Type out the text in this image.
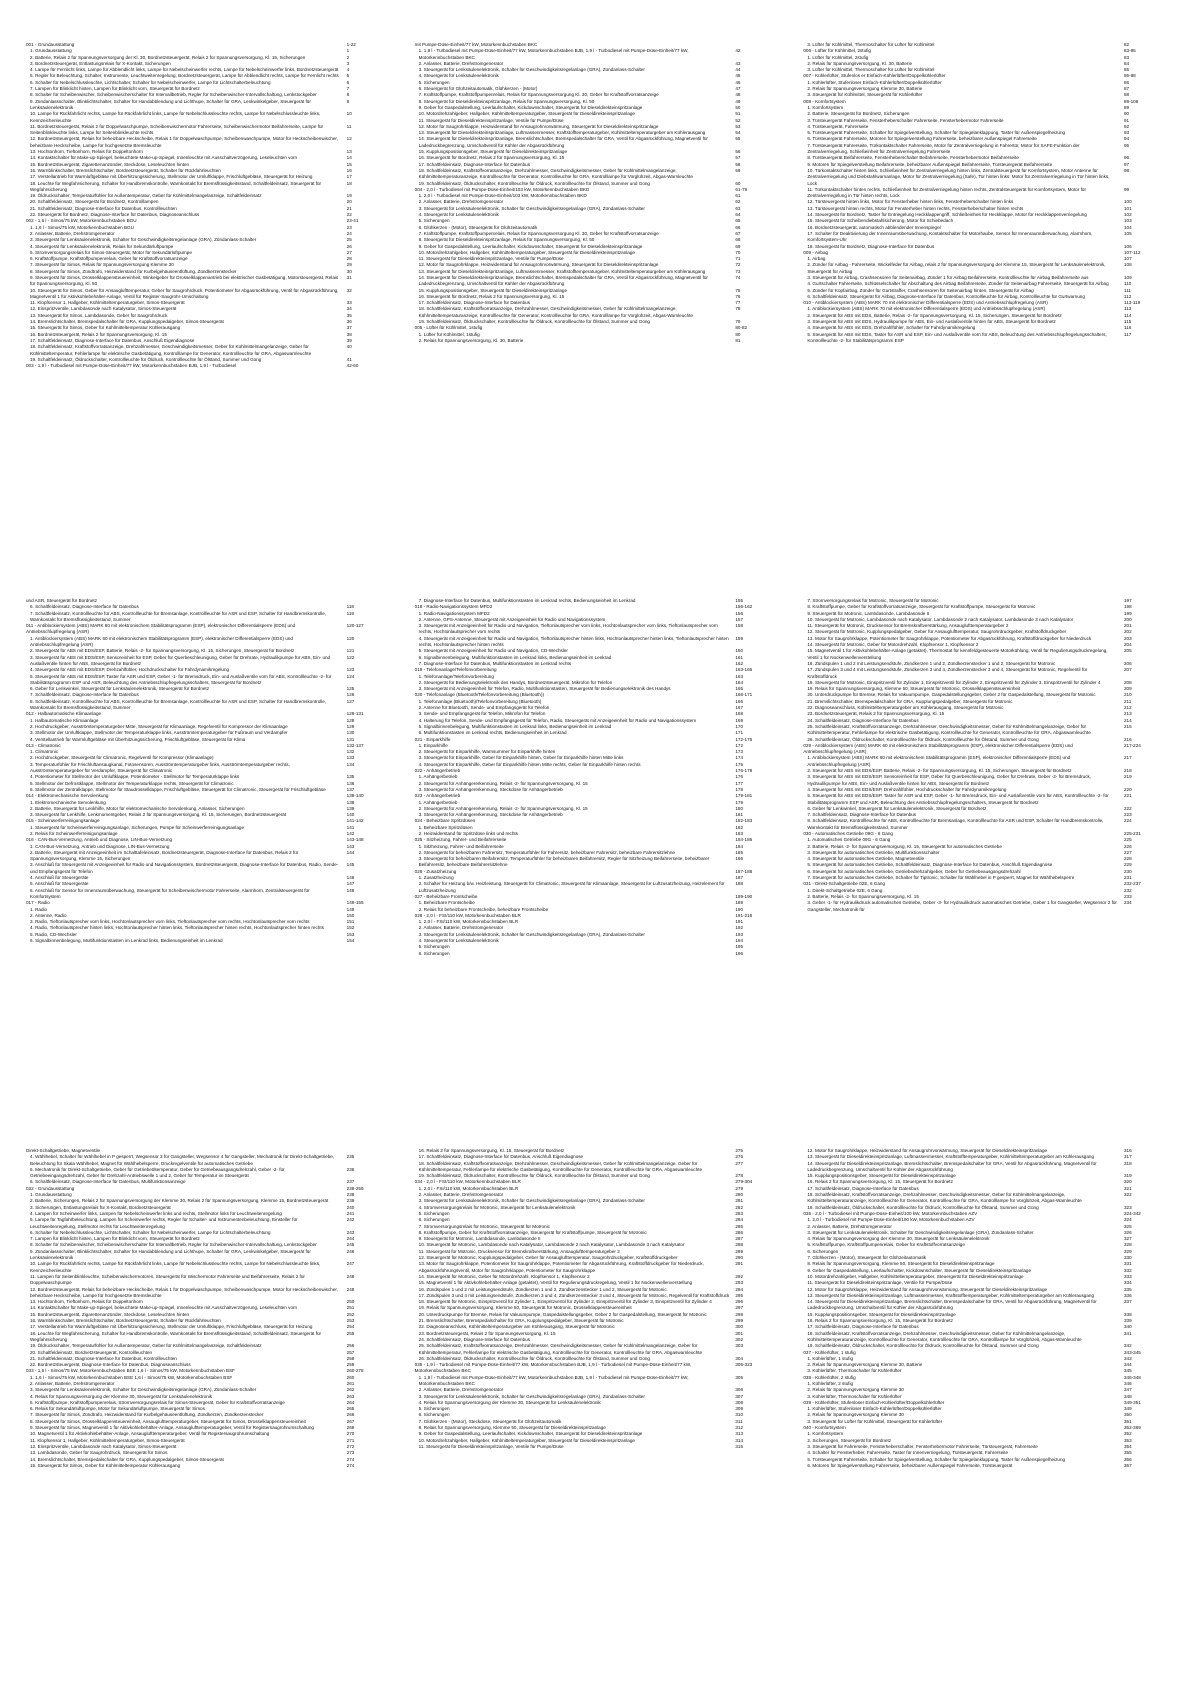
001 - Grundausstattung	1-22
1. Grundausstattung	1
2. Batterie, Relais 2 für Spannungsversorgung der Kl. 30, Bordnetzsteuergerät, Relais 2 für Spannungsversorgung, Kl. 15, Sicherungen	2
3. Bordnetzsteuergerät, Entlastungsrelais für X-Kontakt, Sicherungen	3
4. Lampe für Fernlicht links, Lampe für Abblendlicht links, Lampe für Nebelscheinwerfer rechts, Lampe für Nebelscheinwerfer links, Bordnetzsteuergerät	4
5. Regler für Beleuchtung, Schalter, Instrumente, Leuchtweitenregelung, Bordnetzsteuergerät, Lampe für Abblendlicht rechts, Lampe für Fernlicht rechts	5
6. Schalter für Nebelschlussleuchte, Lichtschalter, Schalter für Nebelscheinwerfer, Lampe für Lichtschalterbeleuchtung	6
7. Lampen für Blinklicht hinten, Lampen für Blinklicht vorn, Steuergerät für Bordnetz	7
8. Schalter für Scheibenwischer, Scheibenwischerschalter für Intervallbetrieb, Regler für Scheibenwischer-Intervallschaltung, Lenkstockgeber	8
9. Zündanlassschalter, Blinklichtschalter, Schalter für Handabblendung und Lichthupe, Schalter für GRA, Lenkwinkelgeber, Steuergerät für Lenksäulenelektronik
9
10. Lampe für Rückfahrlicht rechts, Lampe für Rückfahrlicht links, Lampe für Nebelschlussleuchte rechts, Lampe für Nebelschlussleuchte links, Kennzeichenleuchte
10
11. Bordnetzsteuergerät, Relais 2 für Doppelwaschpumpe, Scheibenwischermotor Fahrerseite, Scheibenwischermotor Beifahrerseite, Lampe für Seitenblinkleuchte links, Lampe für Seitenblinkleuchte rechts
11
12. Bordnetzsteuergerät, Relais für beheizbare Heckscheibe, Relais 1 für Doppelwaschpumpe, Scheibenwaschpumpe, Motor für Heckscheibenwischer, beheizbare Heckscheibe, Lampe für hochgesetzte Bremsleuchte
12
13. Hochtonhorn, Tieftonhorn, Relais für Doppeltonhorn	13
14. Kontaktschalter für Make-up-Spiegel, beleuchtete Make-up-Spiegel, Innenleuchte mit Ausschaltverzögerung, Leseleuchten vorn	14
15. Bordnetzsteuergerät, Zigarettenanzünder, Steckdose, Leseleuchten hinten	15
16. Warnblinkschalter, Bremslichtschalter, Bordnetzsteuergerät, Schalter für Rückfahrleuchten	16
17. Verstellantrieb für Warmluftgebläse mit Überhitzungssicherung, Stellmotor der Umluftklappe, Frischluftgebläse, Steuergerät für Heizung	17
18. Leuchte für Wegfahrsicherung, Schalter für Handbremskontrolle, Warnkontakt für Bremsflüssigkeitsstand, Schaltfeldeinsatz, Steuergerät für Wegfahrsicherung
18
19. Öldruckschalter, Temperaturfühler für Außentemperatur, Geber für Kühlmittelmangelanzeige, Schaltfeldeinsatz	19
20. Schaltfeldeinsatz, Steuergerät für Bordnetz, Kontrolllampen	20
21. Schaltfeldeinsatz, Diagnose-Interface für Datenbus, Kontrollleuchten	21
22. Steuergerät für Bordnetz, Diagnose-Interface für Datenbus, Diagnoseanschluss	22
002 - 1,6 l - Simos/75 kW, Motorkennbuchstaben BGU	23-41
1. 1,6 l - Simos/75 kW, Motorkennbuchstaben BGU	23
2. Anlasser, Batterie, Drehstromgenerator	24
3. Steuergerät für Lenksäulenelektronik, Schalter für Geschwindigkeitsregelanlage (GRA), Zündanlass-Schalter	25
4. Steuergerät für Lenksäulenelektronik, Relais für Sekundärluftpumpe	26
5. Stromversorgungsrelais für Simos-Steuergerät, Motor für Sekundärluftpumpe	27
6. Kraftstoffpumpe, Kraftstoffpumpenrelais, Geber für Kraftstoffvorratsanzeige	28
7. Steuergerät für Simos, Relais für Spannungsversorgung Klemme 30	29
8. Steuergerät für Simos, Zündtrafo, Heizwiderstand für Kurbelgehäuseentlüftung, Zündkerzenstecker	30
9. Steuergerät für Simos, Drosselklappensteuereinheit, Winkelgeber für Drosselklappenantrieb bei elektrischer Gasbetätigung, Motorsteuergerät, Relais für Spannungsversorgung, Kl. 50
31
10. Steuergerät für Simos, Geber für Ansauglufttemperatur, Geber für Saugrohrdruck, Potentiometer für Abgasrückführung, Ventil für Abgasrückführung, Magnetventil 1 für Aktivkohlebehälter-Anlage, Ventil für Register-Saugrohr-Umschaltung
32
11. Klopfsensor 1, Hallgeber, Kühlmitteltemperaturgeber, Simos-Steuergerät	33
12. Einspritzventile, Lambdasonde nach Katalysator, Simos-Steuergerät	34
13. Steuergerät für Simos, Lambdasonde, Geber für Saugrohrdruck	35
14. Bremslichtschalter, Bremspedalschalter für GRA, Kupplungspedalgeber, Simos-Steuergerät	36
15. Steuergerät für Simos, Geber für Kühlmitteltemperatur Kühlerausgang	37
16. Bordnetzsteuergerät, Relais 2 für Spannungsversorgung, Kl. 15	38
17. Schaltfeldeinsatz, Diagnose-Interface für Datenbus, Anschluß Eigendiagnose	39
18. Schaltfeldeinsatz, Kraftstoffvorratsanzeige, Drehzahlmesser, Geschwindigkeitsmesser, Geber für Kühlmittelmangelanzeige, Geber für Kühlmitteltemperatur, Fehlerlampe für elektrische Gasbetätigung, Kontrolllampe für Generator, Kontrollleuchte für GRA, Abgaswarnleuchte
40
19. Schaltfeldeinsatz, Öldruckschalter, Kontrollleuchte für Öldruck, Kontrollleuchte für Ölstand, Summer und Gong	41
003 - 1,9 l - Turbodiesel mit Pumpe-Düse-Einheit/77 kW, Motorkennbuchstaben BJB, 1,9 l - Turbodiesel	42-60
mit Pumpe-Düse-Einheit/77 kW, Motorkennbuchstaben BKC
1. 1,9 l - Turbodiesel mit Pumpe-Düse-Einheit/77 kW, Motorkennbuchstaben BJB, 1,9 l - Turbodiesel mit Pumpe-Düse-Einheit/77 kW, Motorkennbuchstaben BKC
42
2. Anlasser, Batterie, Drehstromgenerator	43
3. Steuergerät für Lenksäulenelektronik, Schalter für Geschwindigkeitsregelanlage (GRA), Zündanlass-Schalter	44
4. Steuergerät für Lenksäulenelektronik	45
5. Sicherungen	46
6. Steuergerät für Glühzeitautomatik, Glühkerzen - (Motor)	47
7. Kraftstoffpumpe, Kraftstoffpumpenrelais, Relais für Spannungsversorgung Kl. 30, Geber für Kraftstoffvorratsanzeige	48
8. Steuergerät für Dieseldirekteinspritzanlage, Relais für Spannungsversorgung, Kl. 50	49
9. Geber für Gaspedalstellung, Leerlaufschalter, Kickdownschalter, Steuergerät für Dieseldirekteinspritzanlage	50
10. Motordrehzahlgeber, Hallgeber, Kühlmitteltemperaturgeber, Steuergerät für Dieseldirekteinspritzanlage	51
11. Steuergerät für Dieseldirekteinspritzanlage, Ventile für Pumpe/Düse	52
12. Motor für Saugrohrklappe, Heizwiderstand für Ansaugrohrvorwärmung, Steuergerät für Dieseldirekteinspritzanlage	53
13. Steuergerät für Dieseldirekteinspritzanlage, Luftmassenmesser, Kraftstofftemperaturgeber, Kühlmitteltemperaturgeber am Kühlerausgang	54
14. Steuergerät für Dieseldirekteinspritzanlage, Bremslichtschalter, Bremspedalschalter für GRA, Ventil für Abgasrückführung, Magnetventil für Ladedruckbegrenzung, Umschaltventil für Kühler der Abgasrückführung
55
15. Kupplungspositionsgeber, Steuergerät für Dieseldirekteinspritzanlage	56
16. Steuergerät für Bordnetz, Relais 2 für Spannungsversorgung, Kl. 15	57
17. Schaltfeldeinsatz, Diagnose-Interface für Datenbus	58
18. Schaltfeldeinsatz, Kraftstoffvorratsanzeige, Drehzahlmesser, Geschwindigkeitsmesser, Geber für Kühlmittelmangelanzeige, Kühlmitteltemperaturanzeige, Kontrollleuchte für Generator, Kontrollleuchte für GRA, Kontrolllampe für Vorglühzeit, Abgas-Warnleuchte
59
19. Schaltfeldeinsatz, Öldruckschalter, Kontrollleuchte für Öldruck, Kontrollleuchte für Ölstand, Summer und Gong	60
004 - 2,0 l - Turbodiesel mit Pumpe-Düse-Einheit/103 kW, Motorkennbuchstaben BKD	61-79
1. 2,0 l - Turbodiesel mit Pumpe-Düse-Einheit/103 kW, Motorkennbuchstaben BKD	61
2. Anlasser, Batterie, Drehstromgenerator	62
3. Steuergerät für Lenksäulenelektronik, Schalter für Geschwindigkeitsregelanlage (GRA), Zündanlass-Schalter	63
4. Steuergerät für Lenksäulenelektronik	64
5. Sicherungen	65
6. Glühkerzen - (Motor), Steuergerät für Glühzeitautomatik	66
7. Kraftstoffpumpe, Kraftstoffpumpenrelais, Relais für Spannungsversorgung Kl. 30, Geber für Kraftstoffvorratsanzeige	67
8. Steuergerät für Dieseldirekteinspritzanlage, Relais für Spannungsversorgung, Kl. 50	68
9. Geber für Gaspedalstellung, Leerlaufschalter, Kickdownschalter, Steuergerät für Dieseldirekteinspritzanlage	69
10. Motordrehzahlgeber, Hallgeber, Kühlmitteltemperaturgeber, Steuergerät für Dieseldirekteinspritzanlage	70
11. Steuergerät für Dieseldirekteinspritzanlage, Ventile für Pumpe/Düse	71
12. Motor für Saugrohrklappe, Heizwiderstand für Ansaugrohrvorwärmung, Steuergerät für Dieseldirekteinspritzanlage	72
13. Steuergerät für Dieseldirekteinspritzanlage, Luftmassenmesser, Kraftstofftemperaturgeber, Kühlmitteltemperaturgeber am Kühlerausgang	73
14. Steuergerät für Dieseldirekteinspritzanlage, Bremslichtschalter, Bremspedalschalter für GRA, Ventil für Abgasrückführung, Magnetventil für Ladedruckbegrenzung, Umschaltventil für Kühler der Abgasrückführung
74
15. Kupplungspositionsgeber, Steuergerät für Dieseldirekteinspritzanlage	75
16. Steuergerät für Bordnetz, Relais 2 für Spannungsversorgung, Kl. 15	76
17. Schaltfeldeinsatz, Diagnose-Interface für Datenbus	77
18. Schaltfeldeinsatz, Kraftstoffvorratsanzeige, Drehzahlmesser, Geschwindigkeitsmesser, Geber für Kühlmittelmangelanzeige, Kühlmitteltemperaturanzeige, Kontrollleuchte für Generator, Kontrollleuchte für GRA, Kontrolllampe für Vorglühzeit, Abgas-Warnleuchte
78
19. Schaltfeldeinsatz, Öldruckschalter, Kontrollleuchte für Öldruck, Kontrollleuchte für Ölstand, Summer und Gong	79
005 - Lüfter für Kühlmittel, 1stufig	80-82
1. Lüfter für Kühlmittel, 1stufig	80
2. Relais für Spannungsversorgung, Kl. 30, Batterie	81
3. Lüfter für Kühlmittel, Thermoschalter für Lüfter für Kühlmittel	82
006 - Lüfter für Kühlmittel, 2stufig	83-85
1. Lüfter für Kühlmittel, 2stufig	83
2. Relais für Spannungsversorgung, Kl. 30, Batterie	84
3. Lüfter für Kühlmittel, Thermoschalter für Lüfter für Kühlmittel	85
007 - Kühlerlüfter, Stufenlos er Einfach-Kühlerlüfter/Doppelkühlerlüfter	86-88
1. Kühlerlüfter, Stufenloser Einfach-Kühlerlüfter/Doppelkühlerlüfter	86
2. Relais für Spannungsversorgung Klemme 30, Batterie	87
3. Steuergerät für Kühlmittel, Steuergerät für Kühlerlüfter	88
008 - Komfortsystem	89-106
1. Komfortsystem	89
2. Batterie, Steuergerät für Bordnetz, Sicherungen	90
3. Türsteuergerät Fahrerseite, Fensterheberschalter Fahrerseite, Fensterhebermotor Fahrerseite	91
4. Türsteuergerät, Fahrerseite	92
5. Türsteuergerät Fahrerseite, Schalter für Spiegelverstellung, Schalter für Spiegelanklappung, Taster für Außenspiegelheizung	93
6. Türsteuergerät Fahrerseite, Motoren für Spiegelverstellung Fahrerseite, beheizbarer Außenspiegel Fahrerseite	94
7. Türsteuergerät Fahrerseite, Türkontaktschalter Fahrerseite, Motor für Zentralverriegelung in Fahrertür, Motor für SAFE-Funktion der Zentralverriegelung, Schließeinheit für Zentralverriegelung Fahrerseite
95
8. Türsteuergerät Beifahrerseite, Fensterheberschalter Beifahrerseite, Fensterhebermotor Beifahrerseite	96
9. Motoren für Spiegelverstellung Beifahrerseite, beheizbarer Außenspiegel Beifahrerseite, Türsteuergerät Beifahrerseite	97
10. Türkontaktschalter hinten links, Schließeinheit für Zentralverriegelung hinten links, Zentralsteuergerät für Komfortsystem, Motor Antenne für Zentralverriegelung und Diebstahlwarnanlage, Motor für Zentralverriegelung (Safe), Tür hinten links: Motor für Zentralverriegelung in Tür hinten links, Lock
98
11. Türkontaktschalter hinten rechts, Schließeinheit für Zentralverriegelung hinten rechts, Zentralsteuergerät für Komfortsystem, Motor für Zentralverriegelung in Tür hinten rechts, Lock
99
12. Türsteuergerät hinten links, Motor für Fensterheber hinten links, Fensterheberschalter hinten links	100
13. Türsteuergerät hinten rechts, Motor für Fensterheber hinten rechts, Fensterheberschalter hinten rechts	101
14. Steuergerät für Bordnetz, Taster für Entriegelung Heckklappengriff, Schließeinheit für Heckklappe, Motor für Heckklappenverriegelung	102
15. Steuergerät für Scheibendiebstahlsicherung, Motor für Schiebedach	103
16. Bordnetzsteuergerät, automatisch abblendender Innenspiegel	104
17. Schalter für Deaktivierung der Innenraumüberwachung, Kontaktschalter für Motorhaube, Sensor für Innenraumüberwachung, Alarmhorn, Komfortsystem-Uhr
105
18. Steuergerät für Bordnetz, Diagnose-Interface für Datenbus	106
009 - Airbag	107-112
1. Airbag	107
2. Zünder für Airbag - Fahrerseite, Wickelfeder für Airbag, relais 2 für Spannungsversorgung der Klemme 15, Steuergerät für Lenksäulenelektronik, Steuergerät für Airbag
108
3. Steuergerät für Airbag, Crashsensoren für Seitenairbag, Zünder 1 für Airbag Beifahrerseite, Kontrollleuchte für Airbag Beifahrerseite aus	109
4. Gurtschalter Fahrerseite, Schlüsselschalter für Abschaltung des Airbag Beifahrerseite, Zünder für Seitenairbag Fahrerseite, Steuergerät für Airbag	110
5. Zünder für Kopfairbag, Zünder für Gurtstraffer, Crashsensoren für Seitenairbag hinten, Steuergerät für Airbag	111
6. Schaltfeldeinsatz, Steuergerät für Airbag, Diagnose-Interface für Datenbus, Kontrollleuchte für Airbag, Kontrollleuchte für Gurtwarnung	112
010 - Antiblockiersystem (ABS) MARK 70 mit elektronischer Differentialsperre (EDS) und Antriebsschlupfregelung (ASR)	113-119
1. Antiblockiersystem (ABS) MARK 70 mit elektronischer Differentialsperre (EDS) und Antriebsschlupfregelung (ASR)	113
2. Steuergerät für ABS mit EDS, Batterie, Relais -2- für Spannungsversorgung, Kl. 15, Sicherungen, Steuergerät für Bordnetz	114
3. Steuergerät für ABS mit EDS, Hydraulikpumpe für ABS, Ein- und Auslaßventile hinten für ABS, Steuergerät für Bordnetz	115
4. Steuergerät für ABS mit EDS, Drehzahlfühler, Schalter für Fahrdynamikregelung	116
5. Steuergerät für ABS mit EDS, Taster für ASR und ESP, Ein- und Auslaßventile vorn für ABS, Beleuchtung des Antriebsschlupfregelungsschalters, Kontrollleuchte -2- für Stabilitätsprogramm ESP
117
und ASR, Steuergerät für Bordnetz
6. Schaltfeldeinsatz, Diagnose-Interface für Datenbus	118
7. Schaltfeldeinsatz, Kontrollleuchte für ABS, Kontrollleuchte für Bremsanlage, Kontrollleuchte für ASR und ESP, Schalter für Handbremskontrolle, Warnkontakt für Bremsflüssigkeitsstand, Summer
119
011 - Antiblockiersystem (ABS) MARK 60 mit elektronischem Stabilitätsprogramm (ESP), elektronischer Differentialsperre (EDS) und Antriebsschlupfregelung (ASR)
120-127
1. Antiblockiersystem (ABS) MARK 60 mit elektronischem Stabilitätsprogramm (ESP), elektronischer Differentialsperre (EDS) und Antriebsschlupfregelung (ASR)
120
2. Steuergerät für ABS mit EDS/ESP, Batterie, Relais -2- für Spannungsversorgung, Kl. 15, Sicherungen, Steuergerät für Bordnetz	121
3. Steuergerät für ABS mit EDS/ESP, Sensoreinheit für ESP, Geber für Querbeschleunigung, Geber für Drehrate, Hydraulikpumpe für ABS, Ein- und Auslaßventile hinten für ABS, Steuergerät für Bordnetz
122
4. Steuergerät für ABS mit EDS/ESP, Drehzahlfühler, Hochdruckschalter für Fahrdynamikregelung	123
5. Steuergerät für ABS mit EDS/ESP, Taster für ASR und ESP, Geber -1- für Bremsdruck, Ein- und Auslaßventile vorn für ABS, Kontrollleuchte -2- für Stabilitätsprogramm ESP und ASR, Beleuchtung des Antriebsschlupfregelungsschalters, Steuergerät für Bordnetz
124
6. Geber für Lenkwinkel, Steuergerät für Lenksäulenelektronik, Steuergerät für Bordnetz	125
7. Schaltfeldeinsatz, Diagnose-Interface für Datenbus	126
8. Schaltfeldeinsatz, Kontrollleuchte für ABS, Kontrollleuchte für Bremsanlage, Kontrollleuchte für ASR und ESP, Schalter für Handbremskontrolle, Warnkontakt für Bremsflüssigkeitsstand, Summer
127
012 - Halbautomatische Klimaanlage	128-131
1. Halbautomatische Klimaanlage	128
2. Hochdruckgeber, Ausströmtemperaturgeber Mitte, Steuergerät für Klimaanlage, Regelventil für Kompressor der Klimaanlage	129
3. Stellmotor der Umluftklappe, Stellmotor der Temperaturklappe links, Ausströmtemperaturgeber für Fußraum und Verdampfer	130
4. Verstellantrieb für Warmluftgebläse mit Überhitzungssicherung, Frischluftgebläse, Steuergerät für Klima	131
013 - Climatronic	132-137
1. Climatronic	132
2. Hochdruckgeber, Steuergerät für Climatronic, Regelventil für Kompressor (Klimaanlage)	133
3. Temperaturfühler für Frischluftansaugkanal, Fotosensoren, Ausströmtemperaturgeber links, Ausströmtemperaturgeber rechts, Ausströmtemperaturgeber für Verdampfer, Steuergerät für Climatronic
134
4. Potentiometer für Stellmotor der Umluftklappe, Potentiometer - Stellmotor für Temperaturklappe links	135
5. Stellmotor der Defrostklappe, Stellmotor der Temperaturklappe rechts, Steuergerät für Climatronic	136
6. Stellmotor der Zentralklappe, Stellmotor für Staudrosselklappe, Frischluftgebläse, Steuergerät für Climatronic, Steuergerät für Frischluftgebläse	137
014 - Elektromechanische Servolenkung	138-140
1. Elektromechanische Servolenkung	138
2. Batterie, Steuergerät für Lenkhilfe, Motor für elektromechanische Servolenkung, Anlasser, Sicherungen	139
3. Steuergerät für Lenkhilfe, Lenkmomentgeber, Relais 2 für Spannungsversorgung, Kl. 15, Sicherungen, Bordnetzsteuergerät	140
015 - Scheinwerferreinigungsanlage	141-142
1. Steuergerät für Scheinwerferreinigungsanlage, Sicherungen, Pumpe für Scheinwerferreinigungsanlage	141
2. Relais für Scheinwerferreinigungsanlage	142
016 - CAN-Bus-Vernetzung, Antrieb und Diagnose, LIN-Bus-Vernetzung	143-148
1. CAN-Bus-Vernetzung, Antrieb und Diagnose, LIN-Bus-Vernetzung	143
2. Batterie, Steuergerät mit Anzeigeeinheit im Schalttafeleinsatz, Bordnetzsteuergerät, Diagnose-Interface für Datenbus, Relais 2 für Spannungsversorgung, Klemme 15, Sicherungen
144
3. Anschluß für Steuergerät mit Anzeigeeinheit für Radio und Navigationssystem, Bordnetzsteuergerät, Diagnose-Interface für Datenbus, Radio, Sende- und Empfangsgerät für Telefon
145
4. Anschluß für Steuergeräte	146
5. Anschluß für Steuergeräte	147
6. Anschluß für Sensor für Innenraumüberwachung, Steuergerät für Scheibenwischermotor Fahrerseite, Alarmhorn, Zentralsteuergerät für Komfortsystem
148
017 - Radio	149-155
1. Radio	149
2. Antenne, Radio	150
3. Radio, Tieftonlautsprecher vorn links, Hochtonlautsprecher vorn links, Tieftonlautsprecher vorn rechts, Hochtonlautsprecher vorn rechts	151
4. Radio, Tieftonlautsprecher hinten links, Hochtonlautsprecher hinten links, Tieftonlautsprecher hinten rechts, Hochtonlautsprecher hinten rechts	152
5. Radio, CD-Wechsler	153
6. Signalbinnenbelegung, Multifunktionstasten im Lenkrad links, Bedienungseinheit im Lenkrad	154
7. Diagnose-Interface für Datenbus, Multifunktionstasten im Lenkrad rechts, Bedienungseinheit im Lenkrad	155
018 - Radio-Navigationssystem MFD2	156-162
1. Radio-Navigationssystem MFD2	156
2. Antenne, GPS-Antenne, Steuergerät mit Anzeigeeinheit für Radio und Navigationssystem	157
3. Steuergerät mit Anzeigeeinheit für Radio und Navigation, Tieftonlautsprecher vorn links, Hochtonlautsprecher vorn links, Tieftonlautsprecher vorn rechts, Hochtonlautsprecher vorn rechts
158
4. Steuergerät mit Anzeigeeinheit für Radio und Navigation, Tieftonlautsprecher hinten links, Hochtonlautsprecher hinten links, Tieftonlautsprecher hinten rechts, Hochtonlautsprecher hinten rechts
159
5. Steuergerät mit Anzeigeeinheit für Radio und Navigation, CD-Wechsler	160
6. Signalbinnenbelegung, Multifunktionstasten im Lenkrad links, Bedienungseinheit im Lenkrad	161
7. Diagnose-Interface für Datenbus, Multifunktionstasten im Lenkrad rechts	162
019 - Telefonanlage/Telefonvorbereitung	163-165
1. Telefonanlage/Telefonvorbereitung	163
2. Steuergerät für Bedienungselektronik des Handys, Bordnetzsteuergerät, Mikrofon für Telefon	164
3. Steuergerät mit Anzeigeeinheit für Telefon, Radio, Multifunktionstasten, Steuergerät für Bedienungselektronik des Handys	165
020 - Telefonanlage (Bluetooth/Telefonvorbereitung (Bluetooth))	166-171
1. Telefonanlage (Bluetooth)/Telefonvorbereitung (Bluetooth)	166
2. Antenne für Bluetooth, Sende- und Empfangsgerät für Telefon	167
3. Sende- und Empfangsgerät für Telefon, Mikrofon für Telefon	168
4. Halterung für Telefon, Sende- und Empfangsgerät für Telefon, Radio, Steuergerät mit Anzeigeeinheit für Radio und Navigationssystem	169
5. Signalbinnenbelegung, Multifunktionstasten im Lenkrad links, Bedienungseinheit im Lenkrad	170
6. Multifunktionstasten im Lenkrad rechts, Bedienungseinheit im Lenkrad	171
021 - Einparkhilfe	172-175
1. Einparkhilfe	172
2. Steuergerät für Einparkhilfe, Warnsummer für Einparkhilfe hinten	173
3. Steuergerät für Einparkhilfe, Geber für Einparkhilfe hinten, Geber für Einparkhilfe hinten Mitte links	174
4. Steuergerät für Einparkhilfe, Geber für Einparkhilfe hinten Mitte rechts, Geber für Einparkhilfe hinten rechts	175
022 - Anhängerbetrieb	176-178
1. Anhängerbetrieb	176
2. Steuergerät für Anhängererkennung, Relais -2- für Spannungsversorgung, Kl. 15	177
3. Steuergerät für Anhängererkennung, Steckdose für Anhängerbetrieb	178
023 - Anhängerbetrieb	179-181
1. Anhängerbetrieb	179
2. Steuergerät für Anhängererkennung, Relais -2- für Spannungsversorgung, Kl. 15	180
3. Steuergerät für Anhängererkennung, Steckdose für Anhängerbetrieb	181
024 - Beheizbare Spritzdüsen	182-183
1. Beheizbare Spritzdüsen	182
2. Heizwiderstand für Spritzdüse links und rechts	183
025 - Sitzheizung, Fahrer- und Beifahrerseite	184-186
1. Sitzheizung, Fahrer- und Beifahrerseite	184
2. Steuergerät für beheizbaren Fahrersitz, Temperaturfühler für Fahrersitz, beheizbarer Fahrersitz, beheizbare Fahrersitzlehne	185
3. Steuergerät für beheizbaren Beifahrersitz, Temperaturfühler für beheizbaren Beifahrersitz, Regler für Sitzheizung Beifahrerseite, beheizbarer Beifahrersitz, beheizbare Beifahrersitzlehne
186
026 - Zusatzheizung	187-188
1. Zusatzheizung	187
2. Schalter für Heizung b/w. Heizleistung, Steuergerät für Climatronic, Steuergerät für Klimaanlage, Steuergerät für Luftzusatzheizung, Heizelement für Luftzusatzheizung
188
027 - Beheizbare Frontscheibe	189-190
1. Beheizbare Frontscheibe	189
2. Relais für beheizbare Frontscheibe, beheizbare Frontscheibe	190
028 - 2,0 l - FSI/110 kW, Motorkennbuchstaben BLR	191-216
1. 2,0 l - FSI/110 kW, Motorkennbuchstaben BLR	191
2. Anlasser, Batterie, Drehstromgenerator	192
3. Steuergerät für Lenksäulenelektronik, Schalter für Geschwindigkeitsregelanlage (GRA), Zündanlass-Schalter	193
4. Steuergerät für Lenksäulenelektronik	194
5. Sicherungen	195
6. Sicherungen	196
7. Stromversorgungsrelais für Motronic, Steuergerät für Motronic	197
8. Kraftstoffpumpe, Geber für Kraftstoffvorratsanzeige, Steuergerät für Kraftstoffpumpe, Steuergerät für Motronic	198
9. Steuergerät für Motronic, Lambdasonde, Lambdasonde II	199
10. Steuergerät für Motronic, Lambdasonde nach Katalysator, Lambdasonde 2 nach Katalysator, Lambdasonde 3 nach Katalysator	200
11. Steuergerät für Motronic, Drucksensor für Bremskraftverstärkung, Ansauglufttemperaturgeber 2	201
12. Steuergerät für Motronic, Kupplungspedalgeber, Geber für Ansauglufttemperatur, Saugrohrdruckgeber, Kraftstoffdruckgeber	202
13. Motor für Saugrohrklappe, Potentiometer für Saugrohrklappe, Potentiometer für Abgasrückführung, Kraftstoffdruckgeber für Niederdruck	203
14. Steuergerät für Motronic, Geber für Motordrehzahl, Klopfsensor 1, Klopfsensor 2	204
15. Magnetventil 1 für Aktivkohlebehälter-Anlage (getaktet), Thermostat für kennfeldgesteuerte Motorkühlung, Ventil für Regulierungsdruckregelung, Ventil 1 für Nockenwellenverstellung
205
16. Zündspulen 1 und 2 mit Leistungsendstufe, Zündkerzen 1 und 2, Zündkerzenstecker 1 und 2, Steuergerät für Motronic	206
17. Zündspulen 3 und 4 mit Leistungsendstufe, Zündkerzen 3 und 4, Zündkerzenstecker 3 und 4, Steuergerät für Motronic, Regelventil für Kraftstoffdruck
207
18. Steuergerät für Motronic, Einspritzventil für Zylinder 1, Einspritzventil für Zylinder 2, Einspritzventil für Zylinder 3, Einspritzventil für Zylinder 4	208
19. Relais für Spannungsversorgung, Klemme 50, Steuergerät für Motronic, Drosselklappensteuereinheit	209
20. Unterdruckpumpe für Bremse, Relais für Vakuumpumpe, Gaspedalstellungsgeber, Geber 2 für Gaspedalstellung, Steuergerät für Motronic	210
21. Bremslichtschalter, Bremspedalschalter für GRA, Kupplungspedalgeber, Steuergerät für Motronic	211
22. Diagnoseanschluss, Kühlmitteltemperaturgeber am Kühlerausgang, Steuergerät für Motronic	212
23. Bordnetzsteuergerät, Relais 2 für Spannungsversorgung, Kl. 15	213
24. Schaltfeldeinsatz, Diagnose-Interface für Datenbus	214
25. Schaltfeldeinsatz, Kraftstoffvorratsanzeige, Drehzahlmesser, Geschwindigkeitsmesser, Geber für Kühlmittelmangelanzeige, Geber für Kühlmitteltemperatur, Fehlerlampe für elektrische Gasbetätigung, Kontrollleuchte für Generator, Kontrollleuchte für GRA, Abgaswarnleuchte
215
26. Schaltfeldeinsatz, Öldruckschalter, Kontrollleuchte für Öldruck, Kontrollleuchte für Ölstand, Summer und Gong	216
029 - Antiblockiersystem (ABS) MARK 60 mit elektronischem Stabilitätsprogramm (ESP), elektronischer Differentialsperre (EDS) und Antriebsschlupfregelung (ASR)
217-224
1. Antiblockiersystem (ABS) MARK 60 mit elektronischem Stabilitätsprogramm (ESP), elektronischer Differentialsperre (EDS) und Antriebsschlupfregelung (ASR)
217
2. Steuergerät für ABS mit EDS/ESP, Batterie, Relais -2- für Spannungsversorgung, Kl. 15, Sicherungen, Steuergerät für Bordnetz	218
3. Steuergerät für ABS mit EDS/ESP, Sensoreinheit für ESP, Geber für Querbeschleunigung, Geber für Drehrate, Geber -2- für Bremsdruck, Hydraulikpumpe für ABS, Ein- und Auslaßventile hinten für ABS, Steuergerät für Bordnetz
219
4. Steuergerät für ABS mit EDS/ESP, Drehzahlfühler, Hochdruckschalter für Fahrdynamikregelung	220
5. Steuergerät für ABS mit EDS/ESP, Taster für ASR und ESP, Geber -1- für Bremsdruck, Ein- und Auslaßventile vorn für ABS, Kontrollleuchte -2- für Stabilitätsprogramm ESP und ASR, Beleuchtung des Antriebsschlupfregelungsschalters, Steuergerät für Bordnetz
221
6. Geber für Lenkwinkel, Steuergerät für Lenksäulenelektronik, Steuergerät für Bordnetz	222
7. Schaltfeldeinsatz, Diagnose-Interface für Datenbus	223
8. Schaltfeldeinsatz, Kontrollleuchte für ABS, Kontrollleuchte für Bremsanlage, Kontrollleuchte für ASR und ESP, Schalter für Handbremskontrolle, Warnkontakt für Bremsflüssigkeitsstand, Summer
224
030 - Automatisches Getriebe 09G - 6 Gang	225-231
1. Automatisches Getriebe 09G - 6 Gang	225
2. Batterie, Relais -2- für Spannungsversorgung, Kl. 15, Steuergerät für automatisches Getriebe	226
3. Steuergerät für automatisches Getriebe, Multifunktionsschalter	227
4. Steuergerät für automatisches Getriebe, Magnetventile	228
5. Steuergerät für automatisches Getriebe, Schaltfeldeinsatz, Diagnose-Interface für Datenbus, Anschluß Eigendiagnose	229
6. Steuergerät für automatisches Getriebe, Getriebedrehzahlgeber, Geber für Getriebeausgangsdrehzahl	230
7. Steuergerät für automatisches Getriebe, Schalter für Tiptronic, Schalter für Wählhebel in P gesperrt, Magnet für Wählhebelsperre	231
031 - Direkt-Schaltgetriebe 02E, 6 Gang	232-237
1. Direkt-Schaltgetriebe 02E, 6 Gang	232
2. Batterie, Relais -2- für Spannungsversorgung, Kl. 15	233
3. Geber -1- für Hydraulikdruck automatisches Getriebe, Geber -3- für Hydraulikdruck automatisches Getriebe, Geber 1 für Gangsteller, Wegsensor 2 für Gangsteller, Mechatronik für
234
Direkt-Schaltgetriebe, Magnetventile
4. Wählhebel, Schalter für Wählhebel in P gesperrt, Wegsensor 3 für Gangsteller, Wegsensor 4 für Gangsteller, Mechatronik für Direkt-Schaltgetriebe, Beleuchtung für Skala Wählhebel, Magnet für Wählhebelsperre, Druckregelventile für automatisches Getriebe
235
5. Mechatronik für Direkt-Schaltgetriebe, Geber für Getriebeöltemperatur, Geber für Getriebeausgangsdrehzahl, Geber -2- für Getriebeeingangsdrehzahl, Geber für Drehzahl-Antriebswelle 1 und 2, Geber für Temperatur im Steuergerät
236
6. Schaltfeldeinsatz, Diagnose-Interface für Datenbus, Multifunktionsanzeige	237
032 - Grundausstattung	238-259
1. Grundausstattung	238
2. Batterie, Sicherungen, Relais 2 für Spannungsversorgung der Klemme 30, Relais 2 für Spannungsversorgung, Klemme 15, Bordnetzsteuergerät	239
3. Sicherungen, Entlastungsrelais für X-Kontakt, Bordnetzsteuergerät	240
4. Lampen für Scheinwerfer links, Lampen für Nebelscheinwerfer links und rechts, Stellmotor links für Leuchtweitenregelung	241
5. Lampe für Tagfahrbeleuchtung, Lampen für Scheinwerfer rechts, Regler für Schalter- und Instrumentenbeleuchtung, Einsteller für Leuchtweitenregelung, Stellmotor rechts für Leuchtweitenregelung
242
6. Schalter für Nebelschlussleuchte, Lichtschalter, Schalter für Nebelscheinwerfer, Lampe für Lichtschalterbeleuchtung	243
7. Lampen für Blinklicht hinten, Lampen für Blinklicht vorn, Steuergerät für Bordnetz	244
8. Schalter für Scheibenwischer, Scheibenwischerschalter für Intervallbetrieb, Regler für Scheibenwischer-Intervallschaltung, Lenkstockgeber	245
9. Zündanlassschalter, Blinklichtschalter, Schalter für Handabblendung und Lichthupe, Schalter für GRA, Lenkwinkelgeber, Steuergerät für Lenksäulenelektronik
246
10. Lampe für Rückfahrlicht rechts, Lampe für Rückfahrlicht links, Lampe für Nebelschlussleuchte rechts, Lampe für Nebelschlussleuchte links, Kennzeichenleuchte
247
11. Lampen für Seitenblinkleuchte, Scheibenwischermotoren, Steuergerät für Wischermotor Fahrerseite und Beifahrerseite, Relais 2 für Doppelwaschpumpe
248
12. Bordnetzsteuergerät, Relais für beheizbare Heckscheibe, Relais 1 für Doppelwaschpumpe, Scheibenwaschpumpe, Motor für Heckscheibenwischer, beheizbare Heckscheibe, Lampe für hochgesetzte Bremsleuchte
249
13. Hochtonhorn, Tieftonhorn, Relais für Doppeltonhorn	250
14. Kontaktschalter für Make-up-Spiegel, beleuchtete Make-up-Spiegel, Innenleuchte mit Ausschaltverzögerung, Leseleuchten vorn	251
15. Bordnetzsteuergerät, Zigarettenanzünder, Steckdose, Leseleuchten hinten	252
16. Warnblinkschalter, Bremslichtschalter, Bordnetzsteuergerät, Schalter für Rückfahrleuchten	253
17. Verstellantrieb für Warmluftgebläse mit Überhitzungssicherung, Stellmotor der Umluftklappe, Frischluftgebläse, Steuergerät für Heizung	254
18. Leuchte für Wegfahrsicherung, Schalter für Handbremskontrolle, Warnkontakt für Bremsflüssigkeitsstand, Schaltfeldeinsatz, Steuergerät für Wegfahrsicherung
255
19. Öldruckschalter, Temperaturfühler für Außentemperatur, Geber für Kühlmittelmangelanzeige, Schaltfeldeinsatz	256
20. Schaltfeldeinsatz, Bordnetzsteuergerät, Kontrollleuchten	257
21. Schaltfeldeinsatz, Diagnose-Interface für Datenbus, Kontrollleuchten	258
22. Bordnetzsteuergerät, Diagnose-Interface für Datenbus, Diagnoseanschluss	259
033 - 1,6 l - Simos/75 kW, Motorkennbuchstaben BSE 1,6 l - Simos/75 kW, Motorkennbuchstaben BSF	260-278
1. 1,6 l - Simos/75 kW, Motorkennbuchstaben BSE 1,6 l - Simos/75 kW, Motorkennbuchstaben BSF	260
2. Anlasser, Batterie, Drehstromgenerator	261
3. Steuergerät für Lenksäulenelektronik, Schalter für Geschwindigkeitsregelanlage (GRA), Zündanlass-Schalter	262
4. Relais für Spannungsversorgung der Klemme 30, Steuergerät für Lenksäulenelektronik	263
5. Kraftstoffpumpe, Kraftstoffpumpenrelais, Stromversorgungsrelais für Simos-Steuergerät, Geber für Kraftstoffvorratsanzeige	264
6. Relais für Sekundärluftpumpe, Motor für Sekundärluftpumpe, Steuergerät für Simos	265
7. Steuergerät für Simos, Zündtrafo, Heizwiderstand für Kurbelgehäuseentlüftung, Zündkerzen, Zündkerzenstecker	266
8. Steuergerät für Simos, Drosselklappensteuereinheit, Ansauglufttemperaturgeber, Steuergerät für Simos, Drosselklappensteuereinheit	267
9. Steuergerät für Simos, Magnetventil 1 für Aktivkohlebehälter-Anlage, Ansauglufttemperaturgeber, Ventil für Registersaugrohrumschaltung	269
10. Magnetventil 1 für Aktivkohlebehälter-Anlage, Ansauglufttemperaturgeber, Ventil für Registersaugrohrumschaltung	270
11. Klopfsensor 1, Hallgeber, Kühlmitteltemperaturgeber, Simos-Steuergerät	271
12. Einspritzventile, Lambdasonde nach Katalysator, Simos-Steuergerät	272
13. Lambdasonde, Geber für Saugrohrdruck, Steuergerät für Simos	273
14. Bremslichtschalter, Bremspedalschalter für GRA, Kupplungspedalgeber, Simos-Steuergerät	274
15. Steuergerät für Simos, Geber für Kühlmitteltemperatur Kühlerausgang	274
16. Relais 2 für Spannungsversorgung, Kl. 15, Steuergerät für Bordnetz	275
17. Schaltfeldeinsatz, Diagnose-Interface für Datenbus, Anschluß Eigendiagnose	276
18. Schaltfeldeinsatz, Kraftstoffvorratsanzeige, Drehzahlmesser, Geschwindigkeitsmesser, Geber für Kühlmittelmangelanzeige, Geber für Kühlmitteltemperatur, Fehlerlampe für elektrische Gasbetätigung, Kontrollleuchte für Generator, Kontrollleuchte für GRA, Abgaswarnleuchte
277
19. Schaltfeldeinsatz, Öldruckschalter, Kontrollleuchte für Öldruck, Kontrollleuchte für Ölstand, Summer und Gong	278
034 - 2,0 l - FSI/110 kW, Motorkennbuchstaben BLR	279-304
1. 2,0 l - FSI/110 kW, Motorkennbuchstaben BLR	279
2. Anlasser, Batterie, Drehstromgenerator	280
3. Steuergerät für Lenksäulenelektronik, Schalter für Geschwindigkeitsregelanlage (GRA), Zündanlass-Schalter	281
4. Stromversorgungsrelais für Motronic, Steuergerät für Lenksäulenelektronik	282
5. Sicherungen	283
6. Sicherungen	284
7. Stromversorgungsrelais für Motronic, Steuergerät für Motronic	285
8. Kraftstoffpumpe, Geber für Kraftstoffvorratsanzeige, Steuergerät für Kraftstoffpumpe, Steuergerät für Motronic	286
9. Steuergerät für Motronic, Lambdasonde, Lambdasonde II	287
10. Steuergerät für Motronic, Lambdasonde nach Katalysator, Lambdasonde 2 nach Katalysator, Lambdasonde 3 nach Katalysator	288
11. Steuergerät für Motronic, Drucksensor für Bremskraftverstärkung, Ansauglufttemperaturgeber 2	289
12. Steuergerät für Motronic, Kupplungspedalgeber, Geber für Ansauglufttemperatur, Saugrohrdruckgeber, Kraftstoffdruckgeber	290
13. Motor für Saugrohrklappe, Potentiometer für Saugrohrklappe, Potentiometer für Abgasrückführung, Kraftstoffdruckgeber für Niederdruck, Abgasrückführungsventil, Motor für Saugrohrklappe, Potentiometer für Saugrohrklappe
291
14. Steuergerät für Motronic, Geber für Motordrehzahl, Klopfsensor 1, Klopfsensor 2	292
15. Magnetventil 1 für Aktivkohlebehälter-Anlage (getaktet), Ventil für Regulierungsdruckregelung, Ventil 1 für Nockenwellenverstellung	293
16. Zündspulen 1 und 2 mit Leistungsendstufe, Zündkerzen 1 und 2, Zündkerzenstecker 1 und 2, Steuergerät für Motronic	294
17. Zündspulen 3 und 4 mit Leistungsendstufe, Zündkerzen 3 und 4, Zündkerzenstecker 3 und 4, Steuergerät für Motronic, Regelventil für Kraftstoffdruck 295
18. Steuergerät für Motronic, Einspritzventil für Zylinder 1, Einspritzventil für Zylinder 2, Einspritzventil für Zylinder 3, Einspritzventil für Zylinder 4	296
19. Relais für Spannungsversorgung, Klemme 50, Steuergerät für Motronic, Drosselklappensteuereinheit	297
20. Unterdruckpumpe für Bremse, Relais für Vakuumpumpe, Gaspedalstellungsgeber, Geber 2 für Gaspedalstellung, Steuergerät für Motronic	298
21. Bremslichtschalter, Bremspedalschalter für GRA, Kupplungspedalgeber, Steuergerät für Motronic	299
22. Diagnoseanschluss, Kühlmitteltemperaturgeber am Kühlerausgang, Steuergerät für Motronic	300
23. Bordnetzsteuergerät, Relais 2 für Spannungsversorgung, Kl. 15	301
24. Schaltfeldeinsatz, Diagnose-Interface für Datenbus	302
25. Schaltfeldeinsatz, Kraftstoffvorratsanzeige, Drehzahlmesser, Geschwindigkeitsmesser, Geber für Kühlmittelmangelanzeige, Geber für Kühlmitteltemperatur, Fehlerlampe für elektrische Gasbetätigung, Kontrollleuchte für Generator, Kontrollleuchte für GRA, Abgaswarnleuchte
303
26. Schaltfeldeinsatz, Öldruckschalter, Kontrollleuchte für Öldruck, Kontrollleuchte für Ölstand, Summer und Gong	304
035 - 1,9 l - Turbodiesel mit Pumpe-Düse-Einheit/77 kW, Motorkennbuchstaben BJB, 1,9 l - Turbodiesel mit Pumpe-Düse-Einheit/77 kW, Motorkennbuchstaben BKC
305-323
1. 1,9 l - Turbodiesel mit Pumpe-Düse-Einheit/77 kW, Motorkennbuchstaben BJB, 1,9 l - Turbodiesel mit Pumpe-Düse-Einheit/77 kW, Motorkennbuchstaben BKC
305
2. Anlasser, Batterie, Drehstromgenerator	306
3. Steuergerät für Lenksäulenelektronik, Schalter für Geschwindigkeitsregelanlage (GRA), Zündanlass-Schalter	307
4. Relais für Spannungsversorgung der Klemme 30, Steuergerät für Lenksäulenelektronik	308
5. Sicherungen	309
6. Sicherungen	310
7. Glühkerzen - (Motor), Steckdose, Steuergerät für Glühzeitautomatik	311
8. Relais für Spannungsversorgung, Klemme 50, Steuergerät für Dieseldirekteinspritzanlage	312
9. Geber für Gaspedalstellung, Leerlaufschalter, Kickdownschalter, Steuergerät für Dieseldirekteinspritzanlage	313
10. Motordrehzahlgeber, Hallgeber, Kühlmitteltemperaturgeber, Steuergerät für Dieseldirekteinspritzanlage	314
11. Steuergerät für Dieseldirekteinspritzanlage, Ventile für Pumpe/Düse	315
12. Motor für Saugrohrklappe, Heizwiderstand für Ansaugrohrvorwärmung, Steuergerät für Dieseldirekteinspritzanlage	316
13. Steuergerät für Dieseldirekteinspritzanlage, Luftmassenmesser, Kraftstofftemperaturgeber, Kühlmitteltemperaturgeber am Kühlerausgang	317
14. Steuergerät für Dieseldirekteinspritzanlage, Bremslichtschalter, Bremspedalschalter für GRA, Ventil für Abgasrückführung, Magnetventil für Ladedruckbegrenzung, Umschaltventil für Kühler der Abgasrückführung
318
15. Kupplungspositionsgeber, Steuergerät für Dieseldirekteinspritzanlage	319
16. Relais 2 für Spannungsversorgung, Kl. 15, Steuergerät für Bordnetz	320
17. Schaltfeldeinsatz, Diagnose-Interface für Datenbus	321
18. Schaltfeldeinsatz, Kraftstoffvorratsanzeige, Drehzahlmesser, Geschwindigkeitsmesser, Geber für Kühlmittelmangelanzeige, Kühlmitteltemperaturanzeige, Kontrollleuchte für Generator, Kontrollleuchte für GRA, Kontrolllampe für Vorglühzeit, Abgas-Warnleuchte
322
19. Schaltfeldeinsatz, Öldruckschalter, Kontrollleuchte für Öldruck, Kontrollleuchte für Ölstand, Summer und Gong	323
036 - 2,0 l - Turbodiesel mit Pumpe-Düse-Einheit/100 kW, Motorkennbuchstaben AZV	324-342
1. 2,0 l - Turbodiesel mit Pumpe-Düse-Einheit/100 kW, Motorkennbuchstaben AZV	324
2. Anlasser, Batterie, Drehstromgenerator	325
3. Steuergerät für Lenksäulenelektronik, Schalter für Geschwindigkeitsregelanlage (GRA), Zündanlass-Schalter	326
4. Relais für Spannungsversorgung der Klemme 30, Steuergerät für Lenksäulenelektronik	327
5. Kraftstoffpumpe, Kraftstoffpumpenrelais, Geber für Kraftstoffvorratsanzeige	328
6. Sicherungen	329
7. Glühkerzen - (Motor), Steuergerät für Glühzeitautomatik	330
8. Relais für Spannungsversorgung, Klemme 50, Steuergerät für Dieseldirekteinspritzanlage	331
9. Geber für Gaspedalstellung, Leerlaufschalter, Kickdownschalter, Steuergerät für Dieseldirekteinspritzanlage	332
10. Motordrehzahlgeber, Hallgeber, Kühlmitteltemperaturgeber, Steuergerät für Dieseldirekteinspritzanlage	333
11. Steuergerät für Dieseldirekteinspritzanlage, Ventile für Pumpe/Düse	334
12. Motor für Saugrohrklappe, Heizwiderstand für Ansaugrohrvorwärmung, Steuergerät für Dieseldirekteinspritzanlage	335
13. Steuergerät für Dieseldirekteinspritzanlage, Luftmassenmesser, Kraftstofftemperaturgeber, Kühlmitteltemperaturgeber am Kühlerausgang	336
14. Steuergerät für Dieseldirekteinspritzanlage, Bremslichtschalter, Bremspedalschalter für GRA, Ventil für Abgasrückführung, Magnetventil für Ladedruckbegrenzung, Umschaltventil für Kühler der Abgasrückführung
337
15. Kupplungspositionsgeber, Steuergerät für Dieseldirekteinspritzanlage	338
16. Relais 2 für Spannungsversorgung, Kl. 15, Steuergerät für Bordnetz	339
17. Schaltfeldeinsatz, Diagnose-Interface für Datenbus	340
18. Schaltfeldeinsatz, Kraftstoffvorratsanzeige, Drehzahlmesser, Geschwindigkeitsmesser, Geber für Kühlmittelmangelanzeige, Kühlmitteltemperaturanzeige, Kontrollleuchte für Generator, Kontrollleuchte für GRA, Kontrolllampe für Vorglühzeit, Abgas-Warnleuchte
341
19. Schaltfeldeinsatz, Öldruckschalter, Kontrollleuchte für Öldruck, Kontrollleuchte für Ölstand, Summer und Gong	342
037 - Kühlerlüfter, 1 stufig	343-345
1. Kühlerlüfter, 1 stufig	343
2. Relais für Spannungsversorgung Klemme 30, Batterie	344
3. Kühlerlüfter, Thermoschalter für Kühlerlüfter	345
038 - Kühlerlüfter, 2 stufig	346-348
1. Kühlerlüfter, 2 stufig	346
2. Relais für Spannungsversorgung Klemme 30	347
3. Kühlerlüfter, Thermoschalter für Kühlerlüfter	348
039 - Kühlerlüfter, Stufenloser Einfach-Kühlerlüfter/Doppelkühlerlüfter	349-351
1. Kühlerlüfter, Stufenloser Einfach-Kühlerlüfter/Doppelkühlerlüfter	349
2. Relais für Spannungsversorgung Klemme 30	350
3. Steuergerät für Lüfter für Kühlmittel, Steuergerät für Kühlerlüfter	351
040 - Komfortsystem	352-369
1. Komfortsystem	352
2. Sicherungen, Steuergerät für Bordnetz	353
3. Steuergerät für Fahrerseite, Fensterheberschalter, Fensterhebermotor Fahrerseite, Türsteuergerät, Fahrerseite	354
4. Schalter für Fensterheber, Fahrerseite, Taster für Innenverriegelung, Türsteuergerät, Fahrerseite	355
5. Türsteuergerät Fahrerseite, Schalter für Spiegelverstellung, Schalter für Spiegelanklappung, Taster für Außenspiegelheizung	356
6. Motoren für Spiegelverstellung Fahrerseite, beheizbarer Außenspiegel Fahrerseite, Türsteuergerät	357
